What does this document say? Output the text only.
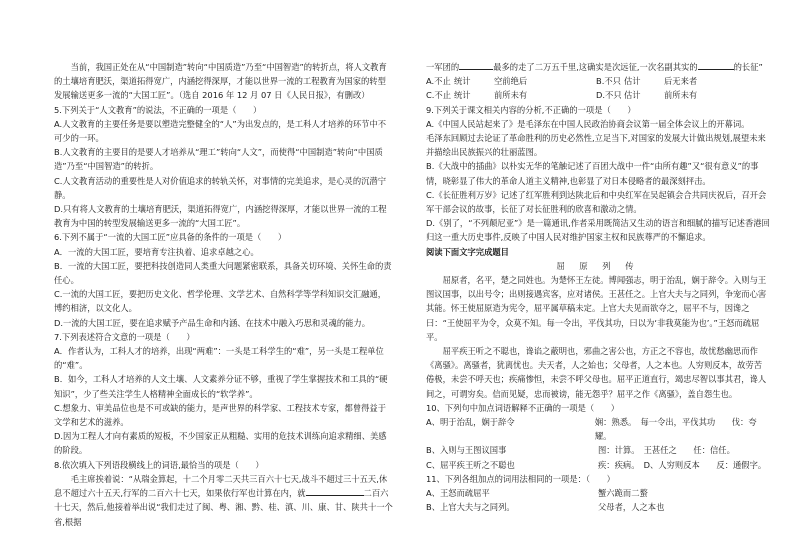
当前，我国正处在从“中国制造”转向“中国质造”乃至“中国智造”的转折点，将人文教育的土壤培育肥沃，渠道拓得宽广，内涵挖得深厚，才能以世界一流的工程教育为国家的转型发展输送更多一流的“大国工匠”。（选自 2016 年 12 月 07 日《人民日报》，有删改）

5.下列关于“人文教育”的说法，不正确的一项是（　　）

A.人文教育的主要任务是要以塑造完整健全的“人”为出发点的，是工科人才培养的环节中不可少的一环。

B.人文教育的主要目的是要人才培养从“理工”转向“人文”，而使得“中国制造”转向“中国质造”乃至“中国智造”的转折。

C.人文教育活动的重要性是人对价值追求的转轨关怀，对事情的完美追求，是心灵的沉潜宁静。

D.只有将人文教育的土壤培育肥沃，渠道拓得宽广，内涵挖得深厚，才能以世界一流的工程教育为中国的转型发展输送更多一流的“大国工匠”。

6.下列不属于“一流的大国工匠”应具备的条件的一项是（　　）

A．一流的大国工匠，要培育专注执着、追求卓越之心。

B．一流的大国工匠，要把科技创造同人类重大问题紧密联系，具备关切环境、关怀生命的责任心。

C.一流的大国工匠，要把历史文化、哲学伦理、文学艺术、自然科学等学科知识交汇融通，博约相济，以文化人。

D.一流的大国工匠，要在追求赋予产品生命和内涵、在技术中融入巧思和灵魂的能力。

7.下列表述符合文意的一项是（　　）

A．作者认为，工科人才的培养，出现“两难”：一头是工科学生的“难”，另一头是工程单位的“难”。

B．如今，工科人才培养的人文土壤、人文素养分证不够，重视了学生掌握技术和工具的“硬知识”，少了些关注学生人格精神全面成长的“软学养”。

C.想象力、审美品位也是不可或缺的能力，是声世界的科学家、工程技术专家，都曾得益于文学和艺术的滋养。

D.因为工程人才向有素质的短板，不少国家正从粗糙、实用的危技术训练向追求精细、美感的阶段。

8.依次填入下列语段横线上的词语,最恰当的项是（　　）

毛主席挨着说：“从瑞金算起，十二个月零二天共三百六十七天,战斗不超过三十五天,休息不超过六十五天,行军的二百六十七天，如果依行军也计算在内，就	二百六十七天，然后,他接着举出说“我们走过了闽、粤、湘、黔、桂、滇、川、康、甘、陕共十一个省,根据

一军团的	最多的走了二万五千里,这确实是次远征,一次名副其实的	的长征”

A.不止 统计	空前绝后	B.不只 估计	后无来者
C.不止 统计	前所未有	D.不只 估计	前所未有

9.下列关于课文相关内容的分析,不正确的一项是（　　）

A.《中国人民站起来了》是毛泽东在中国人民政治协商会议第一届全体会议上的开幕词。

毛泽东回顾过去论证了革命胜利的历史必然性,立足当下,对国家的发展大计做出规划,展望未来并描绘出民族振兴的壮丽蓝图。

B.《大战中的插曲》以朴实无华的笔触记述了百团大战中一件“由所有趣”又“很有意义”的事情，晓彰显了伟大的革命人道主义精神,也彰显了对日本侵略者的最深刻抨击。

C.《长征胜利万岁》记述了红军胜利到达陕北后和中央红军在吴起镇会合共同庆祝后，召开会军干部会议的故事，长征了对长征胜利的欣喜和激动之情。

D.《别了，“不列颠尼亚”》是一篇通讯,作者采用既简洁又生动的语言和细腻的描写记述香港回归这一重大历史事件,反映了中国人民对维护国家主权和民族尊严的不懈追求。

阅读下面文字完成题目

屈 原 列 传

屈原者，名平，楚之同姓也。为楚怀王左徒。博闻强志，明于治乱，娴于辞令。入则与王图议国事，以出号令；出则接遇宾客，应对诸侯。王甚任之。上官大夫与之同列，争宠而心害其能。怀王使屈原造为宪令，屈平属草稿未定。上官大夫见而欲夺之，屈平不与，因谗之曰：“王使屈平为令，众莫不知。每一令出，平伐其功，曰以为‘非我莫能为也’。”王怒而疏屈平。

屈平疾王听之不聪也，谗谄之蔽明也，邪曲之害公也，方正之不容也，故忧愁幽思而作《离骚》。离骚者，犹离忧也。夫天者，人之始也；父母者，人之本也。人穷则反本，故劳苦倦极，未尝不呼天也；疾痛惨怛，未尝不呼父母也。屈平正道直行，竭忠尽智以事其君，谗人间之，可谓穷矣。信而见疑，忠而被谤，能无怨乎？屈平之作《离骚》，盖自怨生也。

10、下列句中加点词语解释不正确的一项是（　　）

A、明于治乱，娴于辞令	娴：熟悉。　每一令出，平伐其功　　伐：夸耀。
B、入则与王图议国事	图：计算。　王甚任之　　任：信任。
C、屈平疾王听之不聪也	疾：疾病。　D、人穷则反本　　反：通假字。

11、下列各组加点的词用法相同的一项是：（　　）

A、王怒而疏屈平	蟹六跪而二螯
B、上官大夫与之同列。	父母者，人之本也
